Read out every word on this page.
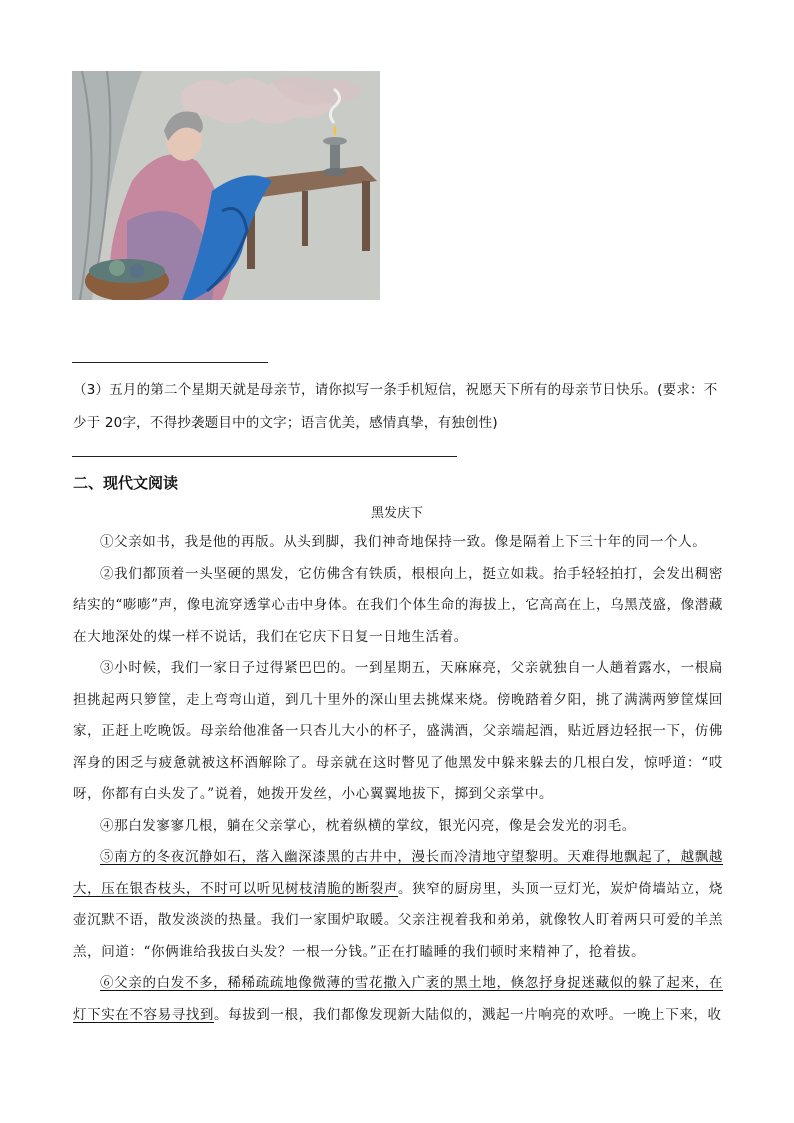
（3）五月的第二个星期天就是母亲节，请你拟写一条手机短信，祝愿天下所有的母亲节日快乐。(要求：不少于 20字，不得抄袭题目中的文字；语言优美，感情真挚，有独创性)
二、现代文阅读
黑发庆下

①父亲如书，我是他的再版。从头到脚，我们神奇地保持一致。像是隔着上下三十年的同一个人。

②我们都顶着一头坚硬的黑发，它仿佛含有铁质，根根向上，挺立如栽。抬手轻轻拍打，会发出稠密结实的“嘭嘭”声，像电流穿透掌心击中身体。在我们个体生命的海拔上，它高高在上，乌黑茂盛，像潜藏在大地深处的煤一样不说话，我们在它庆下日复一日地生活着。

③小时候，我们一家日子过得紧巴巴的。一到星期五，天麻麻亮，父亲就独自一人趟着露水，一根扁担挑起两只箩筐，走上弯弯山道，到几十里外的深山里去挑煤来烧。傍晚踏着夕阳，挑了满满两箩筐煤回家，正赶上吃晚饭。母亲给他准备一只杏儿大小的杯子，盛满酒，父亲端起酒，贴近唇边轻抿一下，仿佛浑身的困乏与疲惫就被这杯酒解除了。母亲就在这时瞥见了他黑发中躲来躲去的几根白发，惊呼道：“哎呀，你都有白头发了。”说着，她拨开发丝，小心翼翼地拔下，掷到父亲掌中。

④那白发寥寥几根，躺在父亲掌心，枕着纵横的掌纹，银光闪亮，像是会发光的羽毛。

⑤南方的冬夜沉静如石，落入幽深漆黑的古井中，漫长而冷清地守望黎明。天难得地飘起了，越飘越大，压在银杏枝头，不时可以听见树枝清脆的断裂声。狭窄的厨房里，头顶一豆灯光，炭炉倚墙站立，烧壶沉默不语，散发淡淡的热量。我们一家围炉取暖。父亲注视着我和弟弟，就像牧人盯着两只可爱的羊羔羔，问道：“你俩谁给我拔白头发？一根一分钱。”正在打瞌睡的我们顿时来精神了，抢着拔。

⑥父亲的白发不多，稀稀疏疏地像微薄的雪花撒入广袤的黑土地，倏忽抒身捉迷藏似的躲了起来，在灯下实在不容易寻找到。每拔到一根，我们都像发现新大陆似的，溅起一片响亮的欢呼。一晚上下来，收
